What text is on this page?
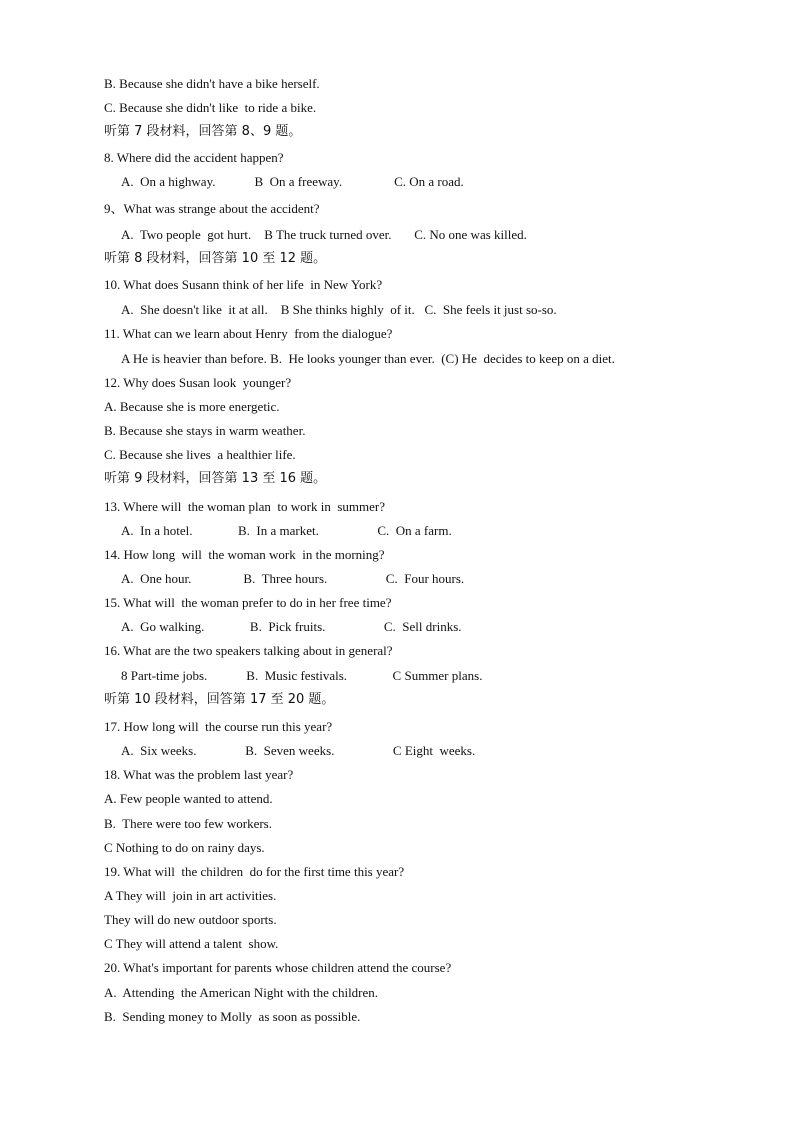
B. Because she didn't have a bike herself.
C. Because she didn't like  to ride a bike.
听第 7 段材料，回答第 8、9 题。
8. Where did the accident happen?
A.  On a highway.            B  On a freeway.                C. On a road.
9、What was strange about the accident?
A.  Two people  got hurt.    B The truck turned over.       C. No one was killed.
听第 8 段材料，回答第 10 至 12 题。
10. What does Susann think of her life  in New York?
A.  She doesn't like  it at all.    B She thinks highly  of it.   C.  She feels it just so-so.
11. What can we learn about Henry  from the dialogue?
A He is heavier than before. B.  He looks younger than ever.  (C) He  decides to keep on a diet.
12. Why does Susan look  younger?
A. Because she is more energetic.
B. Because she stays in warm weather.
C. Because she lives  a healthier life.
听第 9 段材料，回答第 13 至 16 题。
13. Where will  the woman plan  to work in  summer?
A.  In a hotel.              B.  In a market.                  C.  On a farm.
14. How long  will  the woman work  in the morning?
A.  One hour.                B.  Three hours.                  C.  Four hours.
15. What will  the woman prefer to do in her free time?
A.  Go walking.              B.  Pick fruits.                  C.  Sell drinks.
16. What are the two speakers talking about in general?
8 Part-time jobs.            B.  Music festivals.              C Summer plans.
听第 10 段材料，回答第 17 至 20 题。
17. How long will  the course run this year?
A.  Six weeks.               B.  Seven weeks.                  C Eight  weeks.
18. What was the problem last year?
A. Few people wanted to attend.
B.  There were too few workers.
C Nothing to do on rainy days.
19. What will  the children  do for the first time this year?
A They will  join in art activities.
They will do new outdoor sports.
C They will attend a talent  show.
20. What's important for parents whose children attend the course?
A.  Attending  the American Night with the children.
B.  Sending money to Molly  as soon as possible.
